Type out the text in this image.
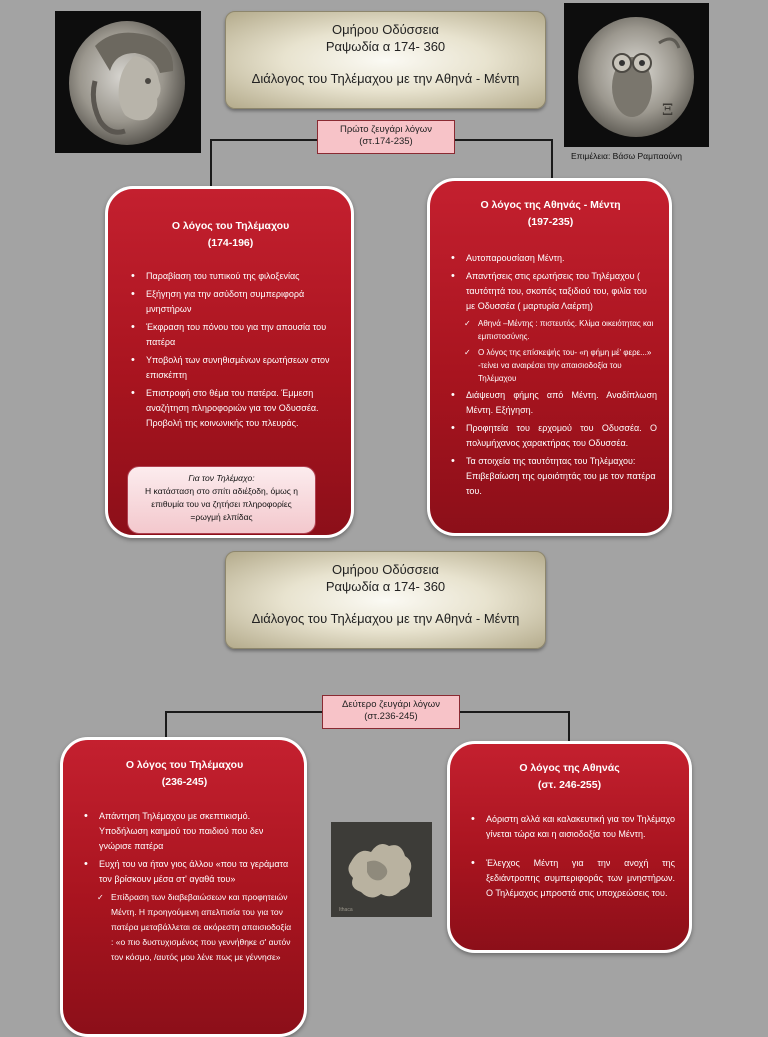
Ομήρου Οδύσσεια
Ραψωδία α 174- 360
Διάλογος του Τηλέμαχου με την Αθηνά - Μέντη
Ξ
Επιμέλεια: Βάσω Ραμπαούνη
Πρώτο ζευγάρι λόγων
(στ.174-235)
Ο λόγος του Τηλέμαχου
(174-196)
• Παραβίαση του τυπικού της φιλοξενίας
• Εξήγηση για την ασύδοτη συμπεριφορά μνηστήρων
• Έκφραση του πόνου του για την απουσία του πατέρα
• Υποβολή των συνηθισμένων ερωτήσεων στον επισκέπτη
• Επιστροφή στο θέμα του πατέρα. Έμμεση αναζήτηση πληροφοριών για τον Οδυσσέα. Προβολή της κοινωνικής του πλευράς.
Για τον Τηλέμαχο:
Η κατάσταση στο σπίτι αδιέξοδη, όμως η επιθυμία του να ζητήσει πληροφορίες =ρωγμή ελπίδας
Ο λόγος της Αθηνάς - Μέντη
(197-235)
• Αυτοπαρουσίαση Μέντη.
• Απαντήσεις στις ερωτήσεις του Τηλέμαχου ( ταυτότητά του, σκοπός ταξιδιού του, φιλία του με Οδυσσέα ( μαρτυρία Λαέρτη)
✓ Αθηνά –Μέντης : πιστευτός. Κλίμα οικειότητας και εμπιστοσύνης.
✓ Ο λόγος της επίσκεψής του- «η φήμη μέ' φερε...» -τείνει να αναιρέσει την απαισιοδοξία του Τηλέμαχου
• Διάψευση φήμης από Μέντη. Αναδίπλωση Μέντη. Εξήγηση.
• Προφητεία του ερχομού του Οδυσσέα. Ο πολυμήχανος χαρακτήρας του Οδυσσέα.
• Τα στοιχεία της ταυτότητας του Τηλέμαχου: Επιβεβαίωση της ομοιότητάς του με τον πατέρα του.
Ομήρου Οδύσσεια
Ραψωδία α 174- 360
Διάλογος του Τηλέμαχου με την Αθηνά - Μέντη
Δεύτερο ζευγάρι λόγων
(στ.236-245)
Ο λόγος του Τηλέμαχου
(236-245)
• Απάντηση Τηλέμαχου με σκεπτικισμό. Υποδήλωση καημού του παιδιού που δεν γνώρισε πατέρα
• Ευχή του να ήταν γιος άλλου «που τα γεράματα τον βρίσκουν μέσα στ' αγαθά του»
✓ Επίδραση των διαβεβαιώσεων και προφητειών Μέντη. Η προηγούμενη απελπισία του για τον πατέρα μεταβάλλεται σε ακόρεστη απαισιοδοξία : «ο πιο δυστυχισμένος που γεννήθηκε σ' αυτόν τον κόσμο, /αυτός μου λένε πως με γέννησε»
Ithaca
Ο λόγος της Αθηνάς
(στ. 246-255)
• Αόριστη αλλά και καλακευτική για τον Τηλέμαχο γίνεται τώρα και η αισιοδοξία του Μέντη.
• Έλεγχος Μέντη για την ανοχή της ξεδιάντροπης συμπεριφοράς των μνηστήρων. Ο Τηλέμαχος μπροστά στις υποχρεώσεις του.
